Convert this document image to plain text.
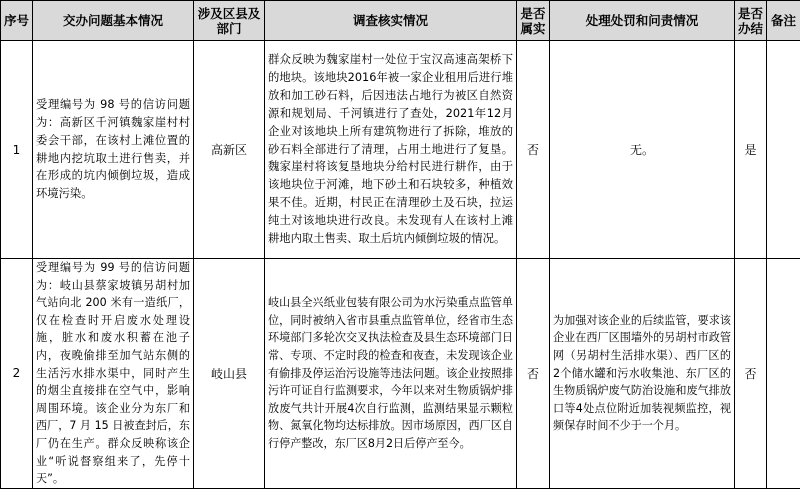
序号	交办问题基本情况	涉及区县及部门	调查核实情况	是否属实	处理处罚和问责情况	是否办结	备注
1	受理编号为 98 号的信访问题为：高新区千河镇魏家崖村村委会干部，在该村上滩位置的耕地内挖坑取土进行售卖，并在形成的坑内倾倒垃圾，造成环境污染。	高新区	群众反映为魏家崖村一处位于宝汉高速高架桥下的地块。该地块2016年被一家企业租用后进行堆放和加工砂石料，后因违法占地行为被区自然资源和规划局、千河镇进行了查处，2021年12月企业对该地块上所有建筑物进行了拆除，堆放的砂石料全部进行了清理，占用土地进行了复垦。魏家崖村将该复垦地块分给村民进行耕作，由于该地块位于河滩，地下砂土和石块较多，种植效果不佳。近期，村民正在清理砂土及石块，拉运纯土对该地块进行改良。未发现有人在该村上滩耕地内取土售卖、取土后坑内倾倒垃圾的情况。	否	无。	是	
2	受理编号为 99 号的信访问题为：岐山县蔡家坡镇另胡村加气站向北 200 米有一造纸厂，仅在检查时开启废水处理设施，脏水和废水积蓄在池子内，夜晚偷排至加气站东侧的生活污水排水渠中，同时产生的烟尘直接排在空气中，影响周围环境。该企业分为东厂和西厂，7 月 15 日被查封后，东厂仍在生产。群众反映称该企业“听说督察组来了，先停十天”。	岐山县	岐山县全兴纸业包装有限公司为水污染重点监管单位，同时被纳入省市县重点监管单位，经省市生态环境部门多轮次交叉执法检查及县生态环境部门日常、专项、不定时段的检查和夜查，未发现该企业有偷排及停运治污设施等违法问题。该企业按照排污许可证自行监测要求，今年以来对生物质锅炉排放废气共计开展4次自行监测，监测结果显示颗粒物、氮氧化物均达标排放。因市场原因，西厂区自行停产整改，东厂区8月2日后停产至今。	否	为加强对该企业的后续监管，要求该企业在西厂区围墙外的另胡村市政管网（另胡村生活排水渠）、西厂区的2个储水罐和污水收集池、东厂区的生物质锅炉废气防治设施和废气排放口等4处点位附近加装视频监控，视频保存时间不少于一个月。	否	
